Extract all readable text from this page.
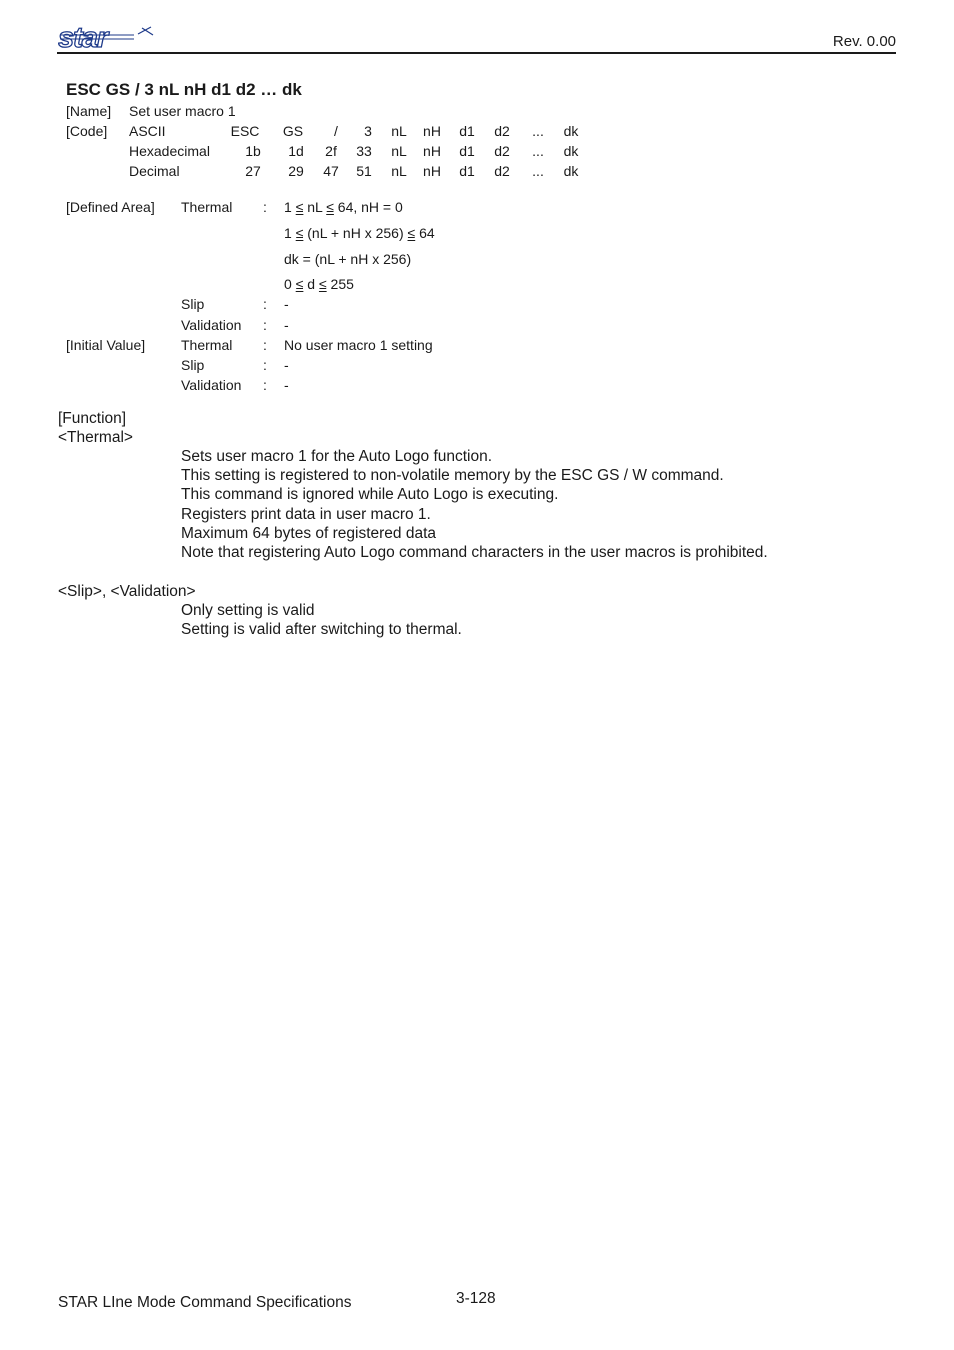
star	Rev. 0.00
ESC GS / 3 nL nH d1 d2 … dk
[Name] Set user macro 1
[Code] ASCII	ESC GS / 3 nL nH d1 d2 ... dk
Hexadecimal	1b 1d 2f 33 nL nH d1 d2 ... dk
Decimal	27 29 47 51 nL nH d1 d2 ... dk
[Defined Area] Thermal : 1 ≤ nL ≤ 64, nH = 0
1 ≤ (nL + nH x 256) ≤ 64
dk = (nL + nH x 256)
0 ≤ d ≤ 255
Slip	: -
Validation : -
[Initial Value]	Thermal : No user macro 1 setting
Slip	: -
Validation : -
[Function]
<Thermal>
Sets user macro 1 for the Auto Logo function.
This setting is registered to non-volatile memory by the ESC GS / W command.
This command is ignored while Auto Logo is executing.
Registers print data in user macro 1.
Maximum 64 bytes of registered data
Note that registering Auto Logo command characters in the user macros is prohibited.
<Slip>, <Validation>
Only setting is valid
Setting is valid after switching to thermal.
STAR LIne Mode Command Specifications	3-128
